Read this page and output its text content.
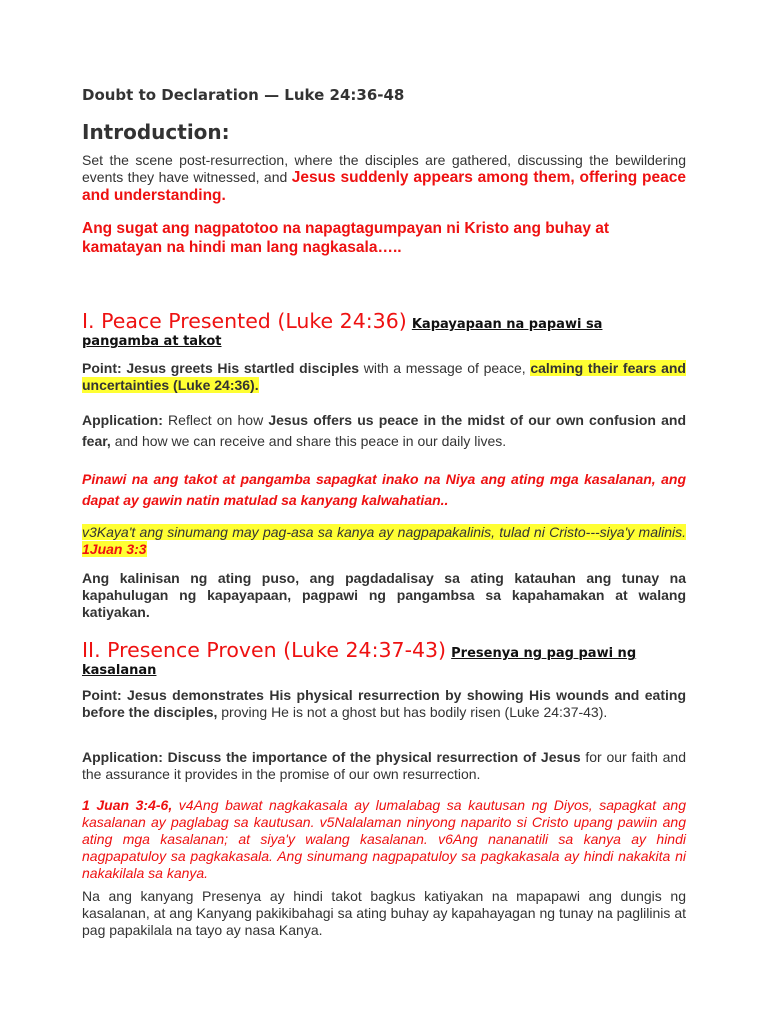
Doubt to Declaration — Luke 24:36-48
Introduction:

Set the scene post-resurrection, where the disciples are gathered, discussing the bewildering events they have witnessed, and Jesus suddenly appears among them, offering peace and understanding.

Ang sugat ang nagpatotoo na napagtagumpayan ni Kristo ang buhay at kamatayan na hindi man lang nagkasala…..

I. Peace Presented (Luke 24:36) Kapayapaan na papawi sa
pangamba at takot

Point: Jesus greets His startled disciples with a message of peace, calming their fears and uncertainties (Luke 24:36).

Application: Reflect on how Jesus offers us peace in the midst of our own confusion and fear, and how we can receive and share this peace in our daily lives.

Pinawi na ang takot at pangamba sapagkat inako na Niya ang ating mga kasalanan, ang dapat ay gawin natin matulad sa kanyang kalwahatian..

v3Kaya't ang sinumang may pag-asa sa kanya ay nagpapakalinis, tulad ni Cristo---siya'y malinis. 1Juan 3:3

Ang kalinisan ng ating puso, ang pagdadalisay sa ating katauhan ang tunay na kapahulugan ng kapayapaan, pagpawi ng pangambsa sa kapahamakan at walang katiyakan.

II. Presence Proven (Luke 24:37-43) Presenya ng pag pawi ng
kasalanan

Point: Jesus demonstrates His physical resurrection by showing His wounds and eating before the disciples, proving He is not a ghost but has bodily risen (Luke 24:37-43).

Application: Discuss the importance of the physical resurrection of Jesus for our faith and the assurance it provides in the promise of our own resurrection.

1 Juan 3:4-6, v4Ang bawat nagkakasala ay lumalabag sa kautusan ng Diyos, sapagkat ang kasalanan ay paglabag sa kautusan. v5Nalalaman ninyong naparito si Cristo upang pawiin ang ating mga kasalanan; at siya'y walang kasalanan. v6Ang nananatili sa kanya ay hindi nagpapatuloy sa pagkakasala. Ang sinumang nagpapatuloy sa pagkakasala ay hindi nakakita ni nakakilala sa kanya.

Na ang kanyang Presenya ay hindi takot bagkus katiyakan na mapapawi ang dungis ng kasalanan, at ang Kanyang pakikibahagi sa ating buhay ay kapahayagan ng tunay na paglilinis at pag papakilala na tayo ay nasa Kanya.
